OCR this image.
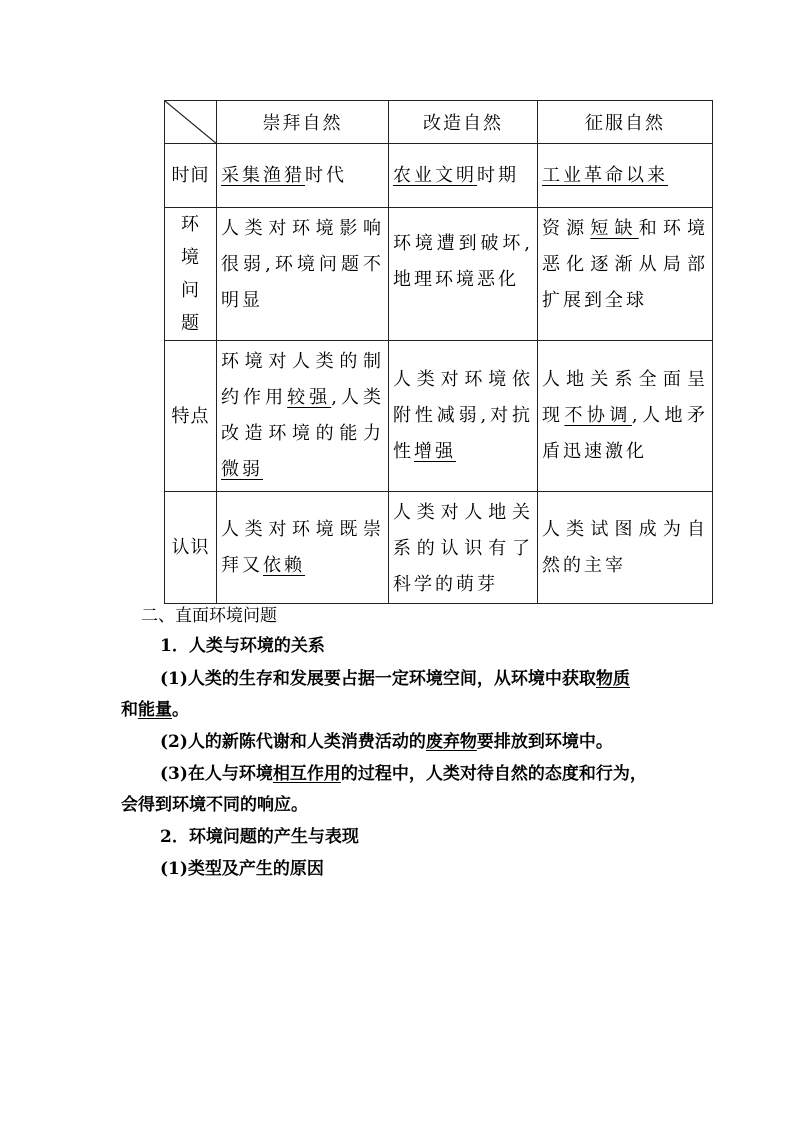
	崇拜自然	改造自然	征服自然
时间	采集渔猎时代	农业文明时期	工业革命以来
环境问题	人类对环境影响很弱,环境问题不明显	环境遭到破坏,地理环境恶化	资源短缺和环境恶化逐渐从局部扩展到全球
特点	环境对人类的制约作用较强,人类改造环境的能力微弱	人类对环境依附性减弱,对抗性增强	人地关系全面呈现不协调,人地矛盾迅速激化
认识	人类对环境既崇拜又依赖	人类对人地关系的认识有了科学的萌芽	人类试图成为自然的主宰
二、直面环境问题
1．人类与环境的关系
(1)人类的生存和发展要占据一定环境空间，从环境中获取物质
和能量。
(2)人的新陈代谢和人类消费活动的废弃物要排放到环境中。
(3)在人与环境相互作用的过程中，人类对待自然的态度和行为，
会得到环境不同的响应。
2．环境问题的产生与表现
(1)类型及产生的原因
